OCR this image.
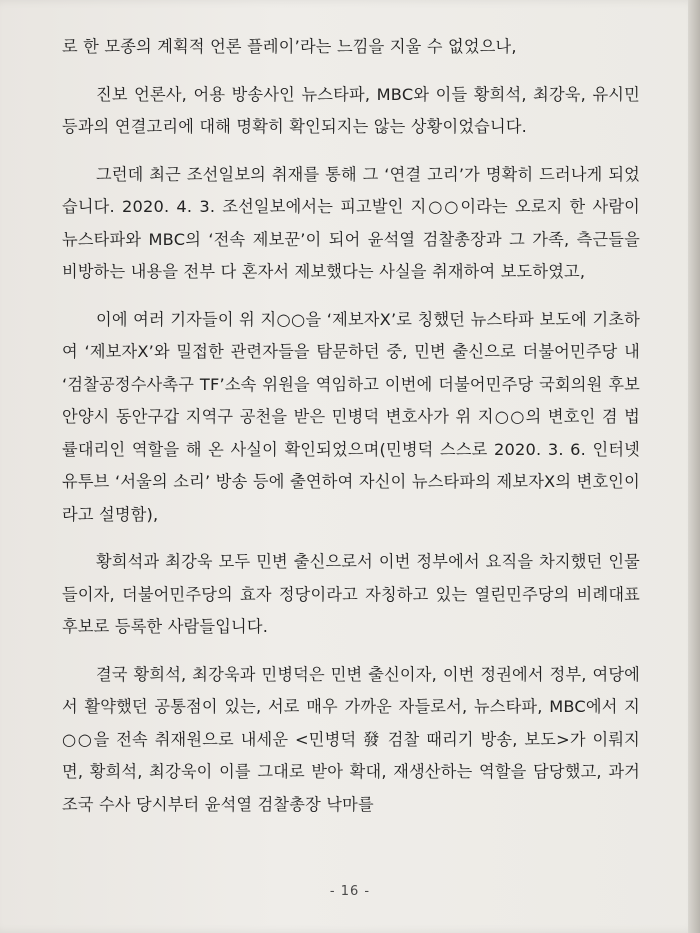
로 한 모종의 계획적 언론 플레이’라는 느낌을 지울 수 없었으나,

진보 언론사, 어용 방송사인 뉴스타파, MBC와 이들 황희석, 최강욱, 유시민 등과의 연결고리에 대해 명확히 확인되지는 않는 상황이었습니다.

그런데 최근 조선일보의 취재를 통해 그 ‘연결 고리’가 명확히 드러나게 되었습니다. 2020. 4. 3. 조선일보에서는 피고발인 지○○이라는 오로지 한 사람이 뉴스타파와 MBC의 ‘전속 제보꾼’이 되어 윤석열 검찰총장과 그 가족, 측근들을 비방하는 내용을 전부 다 혼자서 제보했다는 사실을 취재하여 보도하였고,

이에 여러 기자들이 위 지○○을 ‘제보자X’로 칭했던 뉴스타파 보도에 기초하여 ‘제보자X’와 밀접한 관련자들을 탐문하던 중, 민변 출신으로 더불어민주당 내 ‘검찰공정수사촉구 TF’소속 위원을 역임하고 이번에 더불어민주당 국회의원 후보 안양시 동안구갑 지역구 공천을 받은 민병덕 변호사가 위 지○○의 변호인 겸 법률대리인 역할을 해 온 사실이 확인되었으며(민병덕 스스로 2020. 3. 6. 인터넷 유투브 ‘서울의 소리’ 방송 등에 출연하여 자신이 뉴스타파의 제보자X의 변호인이라고 설명함),

황희석과 최강욱 모두 민변 출신으로서 이번 정부에서 요직을 차지했던 인물들이자, 더불어민주당의 효자 정당이라고 자칭하고 있는 열린민주당의 비례대표 후보로 등록한 사람들입니다.

결국 황희석, 최강욱과 민병덕은 민변 출신이자, 이번 정권에서 정부, 여당에서 활약했던 공통점이 있는, 서로 매우 가까운 자들로서, 뉴스타파, MBC에서 지○○을 전속 취재원으로 내세운 <민병덕 發 검찰 때리기 방송, 보도>가 이뤄지면, 황희석, 최강욱이 이를 그대로 받아 확대, 재생산하는 역할을 담당했고, 과거 조국 수사 당시부터 윤석열 검찰총장 낙마를

- 16 -
